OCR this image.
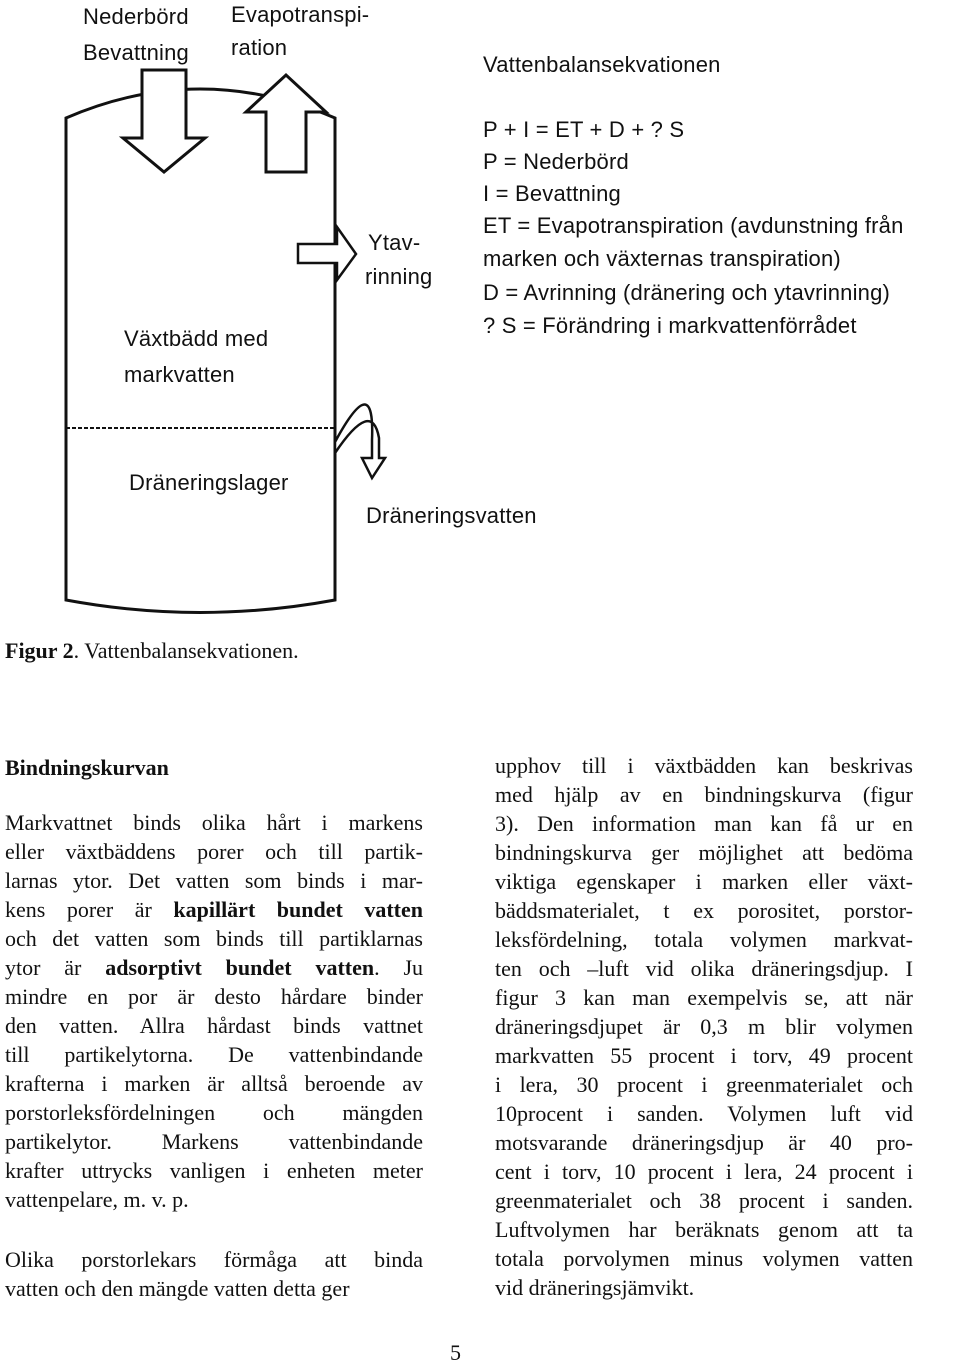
Nederbörd
Bevattning
Evapotranspi-
ration
Ytav-
rinning
Växtbädd med
markvatten
Dräneringslager
Dräneringsvatten
Vattenbalansekvationen
P + I = ET + D + ? S
P = Nederbörd
I = Bevattning
ET = Evapotranspiration (avdunstning från
marken och växternas transpiration)
D = Avrinning (dränering och ytavrinning)
? S = Förändring i markvattenförrådet
Figur 2. Vattenbalansekvationen.
Bindningskurvan
Markvattnet binds olika hårt i markens
eller växtbäddens porer och till partik-
larnas ytor. Det vatten som binds i mar-
kens porer är kapillärt bundet vatten
och det vatten som binds till partiklarnas
ytor är adsorptivt bundet vatten. Ju
mindre en por är desto hårdare binder
den vatten. Allra hårdast binds vattnet
till partikelytorna. De vattenbindande
krafterna i marken är alltså beroende av
porstorleksfördelningen och mängden
partikelytor. Markens vattenbindande
krafter uttrycks vanligen i enheten meter
vattenpelare, m. v. p.
Olika porstorlekars förmåga att binda
vatten och den mängde vatten detta ger
upphov till i växtbädden kan beskrivas
med hjälp av en bindningskurva (figur
3). Den information man kan få ur en
bindningskurva ger möjlighet att bedöma
viktiga egenskaper i marken eller växt-
bäddsmaterialet, t ex porositet, porstor-
leksfördelning, totala volymen markvat-
ten och –luft vid olika dräneringsdjup. I
figur 3 kan man exempelvis se, att när
dräneringsdjupet är 0,3 m blir volymen
markvatten 55 procent i torv, 49 procent
i lera, 30 procent i greenmaterialet och
10procent i sanden. Volymen luft vid
motsvarande dräneringsdjup är 40 pro-
cent i torv, 10 procent i lera, 24 procent i
greenmaterialet och 38 procent i sanden.
Luftvolymen har beräknats genom att ta
totala porvolymen minus volymen vatten
vid dräneringsjämvikt.
5
